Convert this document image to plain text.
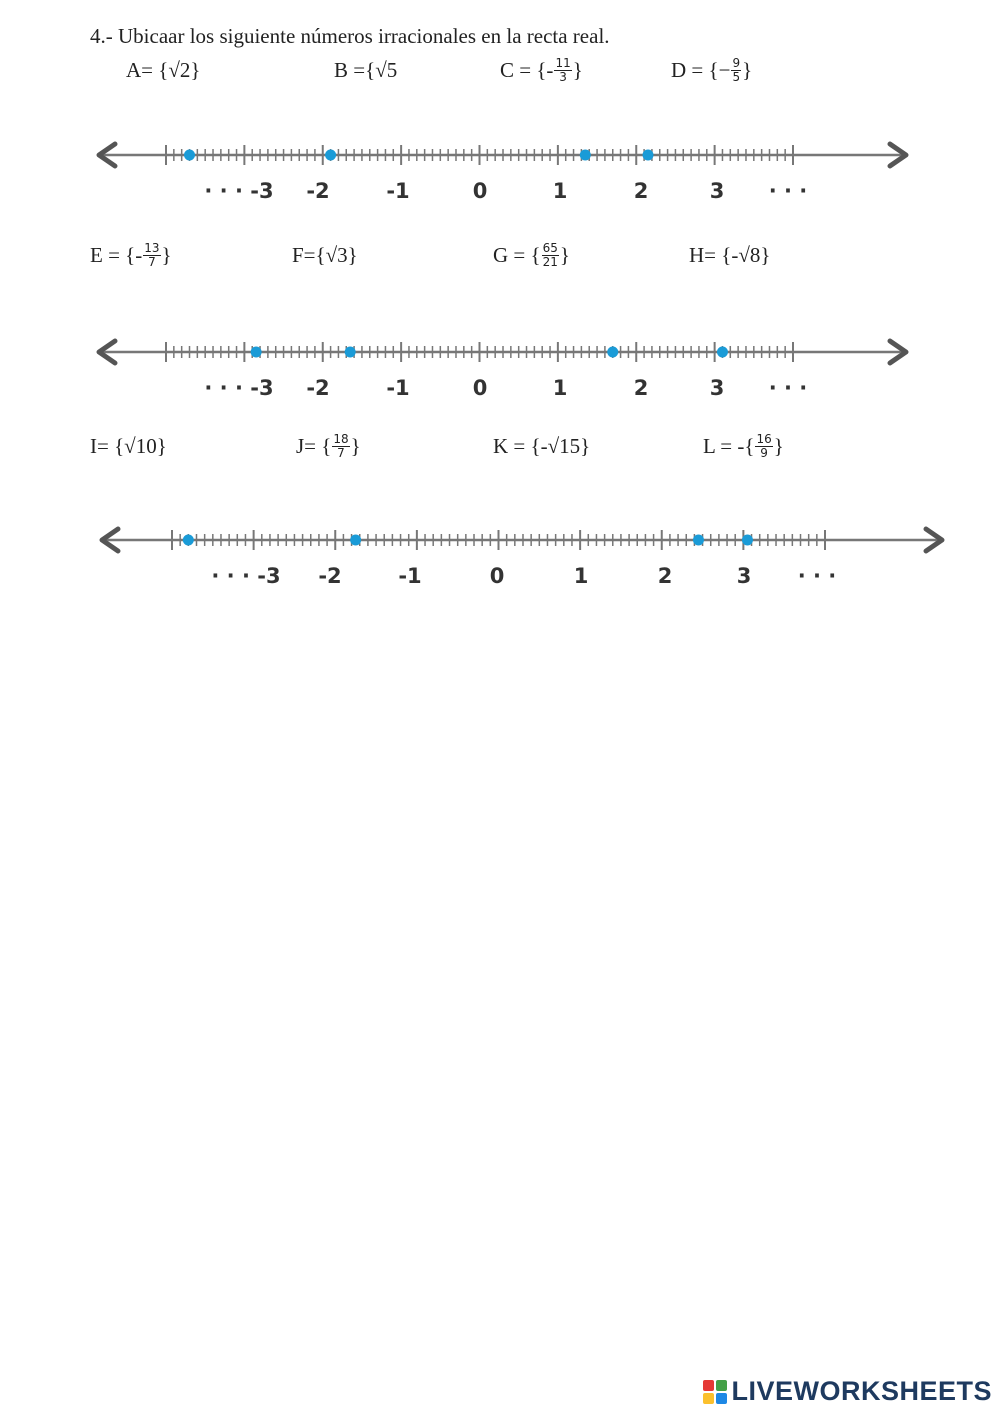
4.- Ubicaar los siguiente números irracionales en la recta real.
A= { √2 }	B ={ √5	C = {- $\frac{11}{3}$ }	D = {− $\frac{9}{5}$ }
E = {- $\frac{13}{7}$ }	F={ √3 }	G = { $\frac{65}{21}$ }	H= {- √8 }
I= { √10 }	J= { $\frac{18}{7}$ }	K = {- √15 }	L = -{ $\frac{16}{9}$ }
· · · -3 -2	-1	0	1	2	3 · · ·
· · · -3 -2	-1	0	1	2	3 · · ·
· · · -3 -2	-1	0	1	2	3 · · ·
LIVEWORKSHEETS
